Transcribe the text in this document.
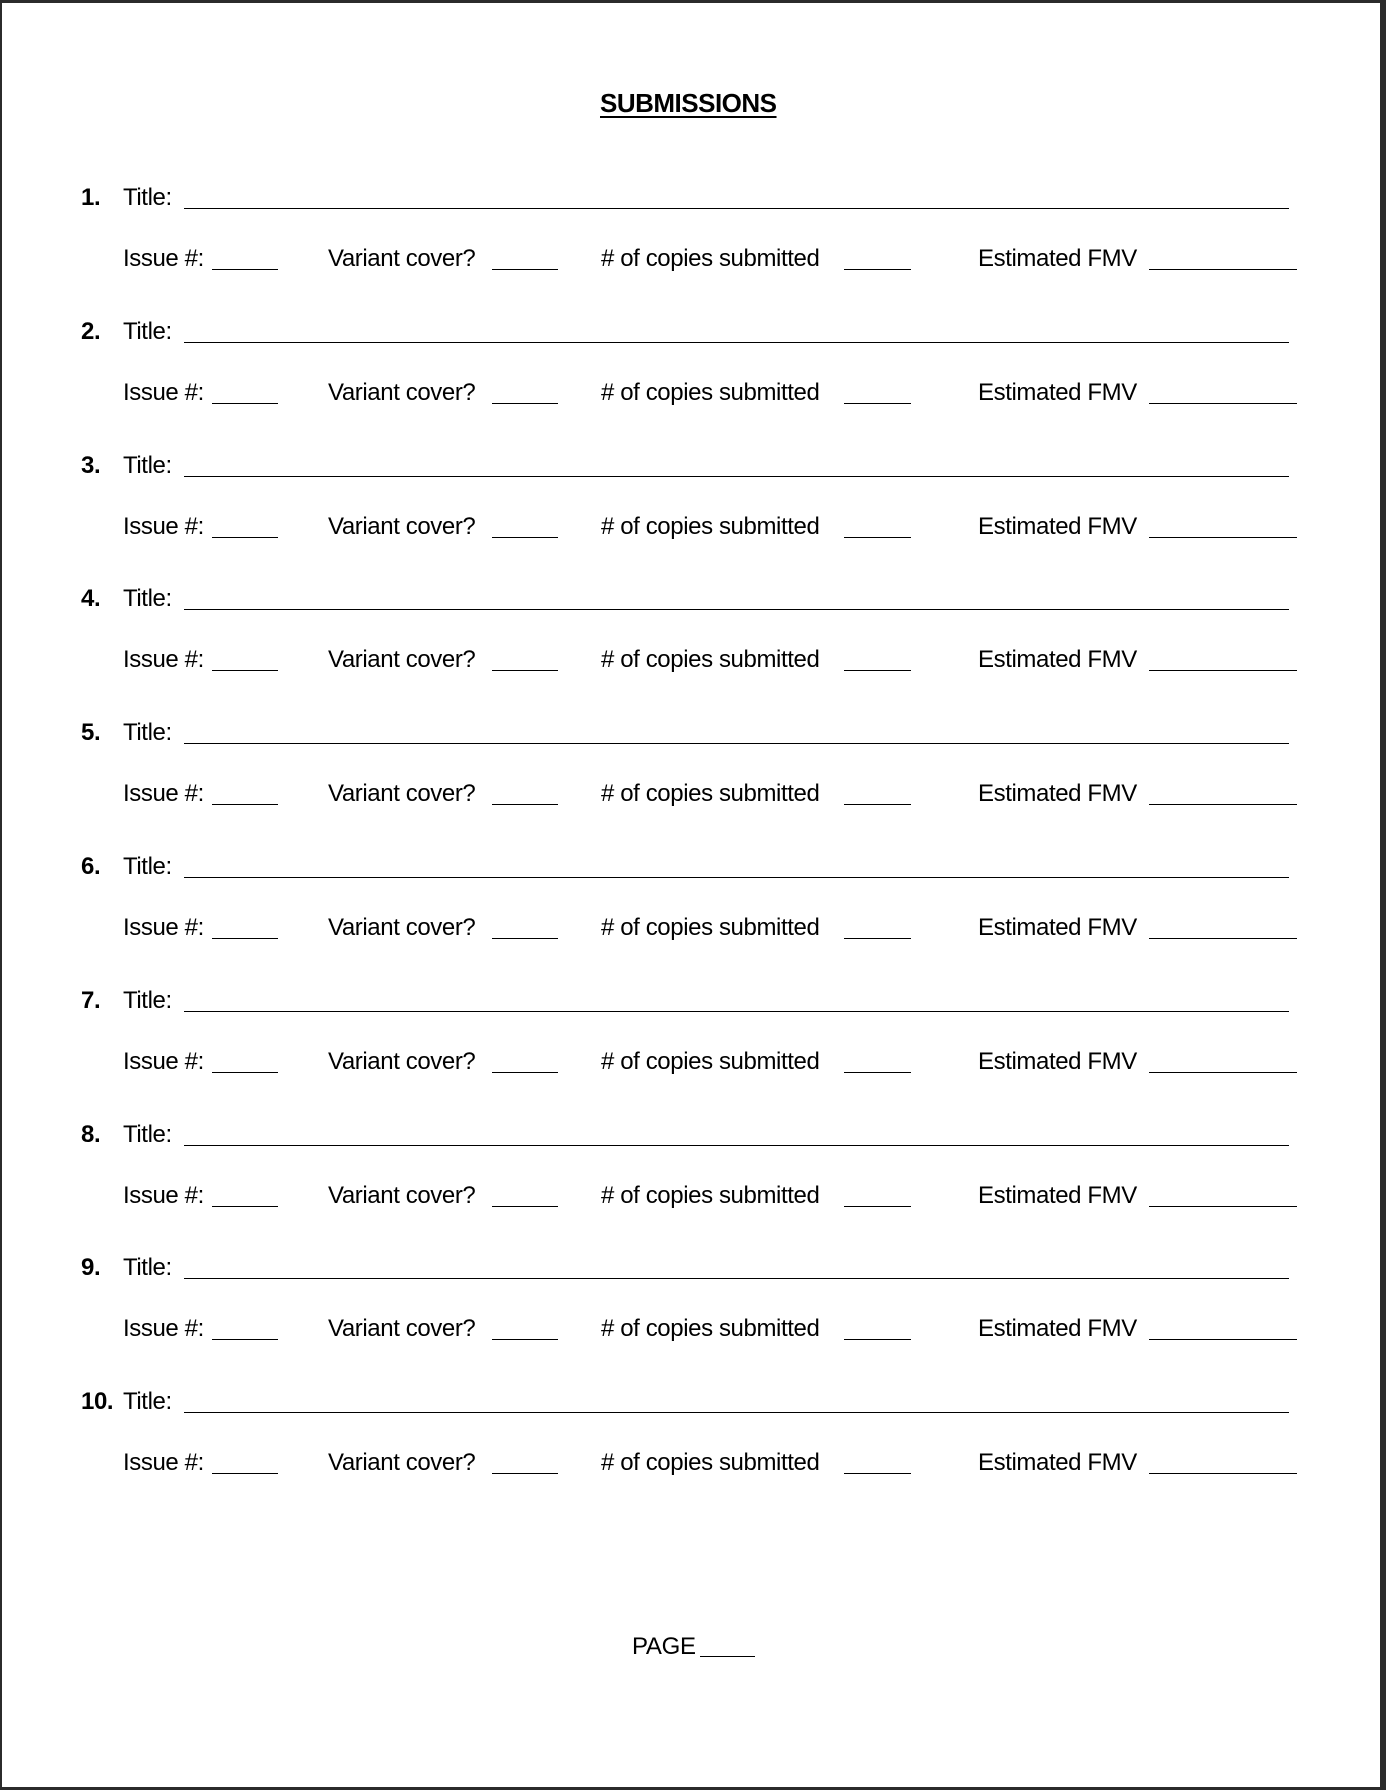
SUBMISSIONS
1. Title:
Issue #:	Variant cover?	# of copies submitted	Estimated FMV
2. Title:
Issue #:	Variant cover?	# of copies submitted	Estimated FMV
3. Title:
Issue #:	Variant cover?	# of copies submitted	Estimated FMV
4. Title:
Issue #:	Variant cover?	# of copies submitted	Estimated FMV
5. Title:
Issue #:	Variant cover?	# of copies submitted	Estimated FMV
6. Title:
Issue #:	Variant cover?	# of copies submitted	Estimated FMV
7. Title:
Issue #:	Variant cover?	# of copies submitted	Estimated FMV
8. Title:
Issue #:	Variant cover?	# of copies submitted	Estimated FMV
9. Title:
Issue #:	Variant cover?	# of copies submitted	Estimated FMV
10. Title:
Issue #:	Variant cover?	# of copies submitted	Estimated FMV
PAGE
